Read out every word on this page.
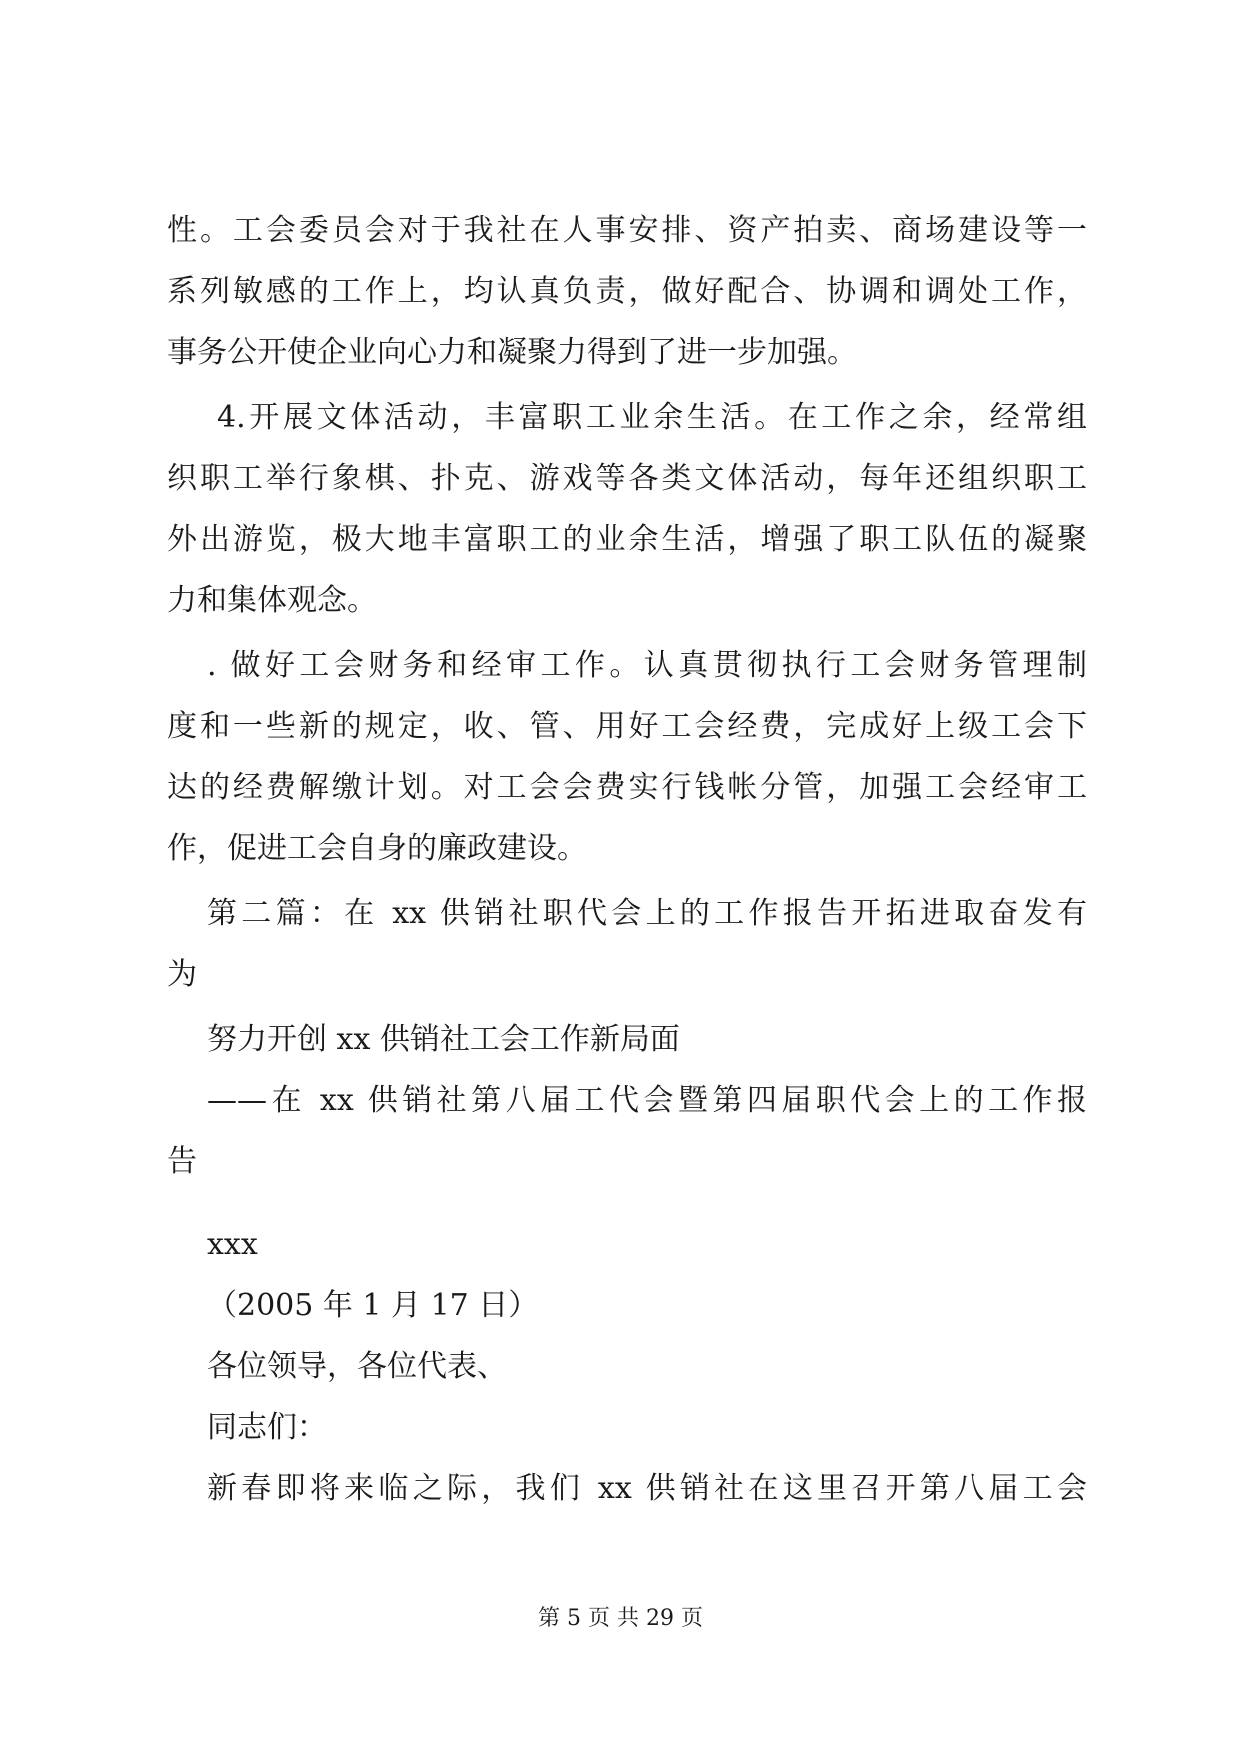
性。工会委员会对于我社在人事安排、资产拍卖、商场建设等一
系列敏感的工作上，均认真负责，做好配合、协调和调处工作，
事务公开使企业向心力和凝聚力得到了进一步加强。
4.开展文体活动，丰富职工业余生活。在工作之余，经常组
织职工举行象棋、扑克、游戏等各类文体活动，每年还组织职工
外出游览，极大地丰富职工的业余生活，增强了职工队伍的凝聚
力和集体观念。
. 做好工会财务和经审工作。认真贯彻执行工会财务管理制
度和一些新的规定，收、管、用好工会经费，完成好上级工会下
达的经费解缴计划。对工会会费实行钱帐分管，加强工会经审工
作，促进工会自身的廉政建设。
第二篇：在 xx 供销社职代会上的工作报告开拓进取奋发有
为
努力开创 xx 供销社工会工作新局面
——在 xx 供销社第八届工代会暨第四届职代会上的工作报
告
xxx
（2005 年 1 月 17 日）
各位领导，各位代表、
同志们：
新春即将来临之际，我们 xx 供销社在这里召开第八届工会
第 5 页 共 29 页
